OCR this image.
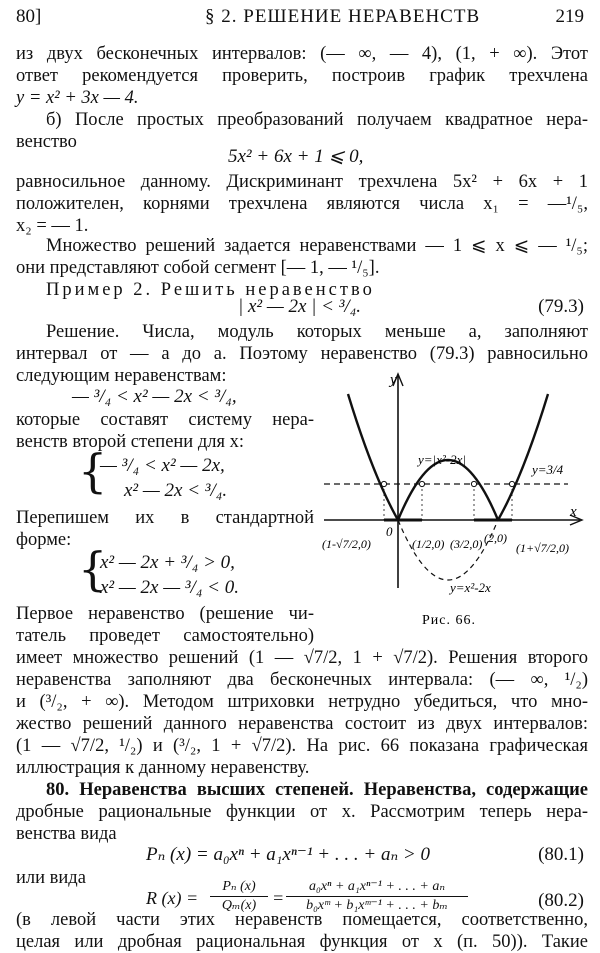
80]	§ 2. РЕШЕНИЕ НЕРАВЕНСТВ	219
из двух бесконечных интервалов: (— ∞, — 4), (1, + ∞). Этот
ответ рекомендуется проверить, построив график трехчлена
y = x² + 3x — 4.
б) После простых преобразований получаем квадратное нера-
венство
5x² + 6x + 1 ⩽ 0,
равносильное данному. Дискриминант трехчлена 5x² + 6x + 1
положителен, корнями трехчлена являются числа x₁ = —¹/₅,
x₂ = — 1.
Множество решений задается неравенствами — 1 ⩽ x ⩽ — ¹/₅;
они представляют собой сегмент [— 1, — ¹/₅].
Пример 2. Решить неравенство
| x² — 2x | < ³/₄.	(79.3)
Решение. Числа, модуль которых меньше a, заполняют
интервал от — a до a. Поэтому неравенство (79.3) равносильно
следующим неравенствам:
— ³/₄ < x² — 2x < ³/₄,
которые составят систему нера-
венств второй степени для x:
{
— ³/₄ < x² — 2x,
x² — 2x < ³/₄.
Перепишем их в стандартной
форме:
{
x² — 2x + ³/₄ > 0,
x² — 2x — ³/₄ < 0.
Первое неравенство (решение чи-
татель проведет самостоятельно)
имеет множество решений (1 — √7/2, 1 + √7/2). Решения второго
неравенства заполняют два бесконечных интервала: (— ∞, ¹/₂)
и (³/₂, + ∞). Методом штриховки нетрудно убедиться, что мно-
жество решений данного неравенства состоит из двух интервалов:
(1 — √7/2, ¹/₂) и (³/₂, 1 + √7/2). На рис. 66 показана графическая
иллюстрация к данному неравенству.
80. Неравенства высших степеней. Неравенства, содержащие
дробные рациональные функции от x. Рассмотрим теперь нера-
венства вида
Pₙ (x) = a₀xⁿ + a₁xⁿ⁻¹ + . . . + aₙ > 0	(80.1)
или вида
R $(x) = \frac{\text{Pₙ (x)}}{\text{Qₘ(x)}} = \frac{\text{a₀xⁿ + a₁xⁿ⁻¹ + . . . + aₙ}}{\text{b₀xᵐ + b₁xᵐ⁻¹ + . . . + bₘ}}$	(80.2)
(в левой части этих неравенств помещается, соответственно,
целая или дробная рациональная функция от x (п. 50)). Такие
y
x
0
y=|x²-2x|
y=3/4
y=x²-2x
(1-√7/2,0)	(1/2,0) (3/2,0) (2,0)
(1+√7/2,0)
Рис. 66.
